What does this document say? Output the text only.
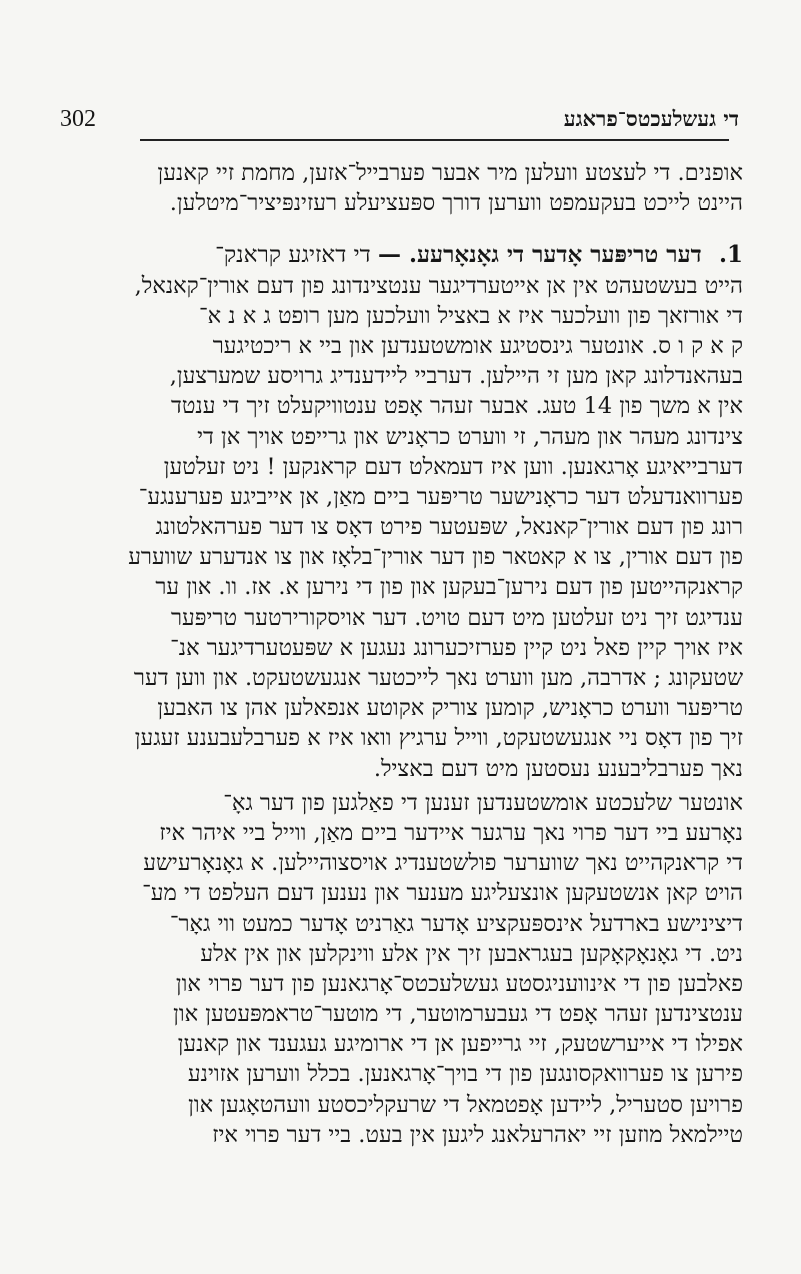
302	די געשלעכטס־פראגע
אופנים. די לעצטע וועלען מיר אבער פערבייל־אזען, מחמת זיי קאנען
היינט לייכט בעקעמפט ווערען דורך ספּעציעלע רעזינפּיציר־מיטלען.
1. דער טריפּער אָדער די גאָנאָרעע. — די דאזיגע קראנק־
הייט בעשטעהט אין אן אייטערדיגער ענטצינדונג פון דעם אורין־קאנאל,
די אורזאך פון וועלכער איז א באציל וועלכען מען רופט ג א נ א־
ק א ק ו ס. אונטער גינסטיגע אומשטענדען און ביי א ריכטיגער
בעהאנדלונג קאן מען זי היילען. דערביי ליידענדיג גרויסע שמערצען,
אין א משך פון 14 טעג. אבער זעהר אָפט ענטוויקעלט זיך די ענטד
צינדונג מעהר און מעהר, זי ווערט כראָניש און גרייפט אויך אן די
דערבייאיגע אָרגאנען. ווען איז דעמאלט דעם קראנקען ! ניט זעלטען
פערוואנדעלט דער כראָנישער טריפּער ביים מאַן, אן אייביגע פערענגע־
רונג פון דעם אורין־קאנאל, שפּעטער פירט דאָס צו דער פערהאלטונג
פון דעם אורין, צו א קאטאר פון דער אורין־בלאָז און צו אנדערע שווערע
קראנקהייטען פון דעם נירען־בעקען און פון די נירען א. אז. וו. און ער
ענדיגט זיך ניט זעלטען מיט דעם טויט. דער אויסקורירטער טריפּער
איז אויך קיין פאל ניט קיין פערזיכערונג נעגען א שפּעטערדיגער אנ־
שטעקונג ; אדרבה, מען ווערט נאך לייכטער אנגעשטעקט. און ווען דער
טריפּער ווערט כראָניש, קומען צוריק אקוטע אנפאלען אהן צו האבען
זיך פון דאָס ניי אנגעשטעקט, ווייל ערגיץ וואו איז א פערבלעבענע זעגען
נאך פערבליבענע נעסטען מיט דעם באציל.
אונטער שלעכטע אומשטענדען זענען די פאַלגען פון דער גאָ־
נאָרעע ביי דער פרוי נאך ערגער איידער ביים מאַן, ווייל ביי איהר איז
די קראנקהייט נאך שווערער פולשטענדיג אויסצוהיילען. א גאָנאָרעישע
הויט קאן אנשטעקען אונצעליגע מענער און נענען דעם העלפט די מע־
דיצינישע בארדעל אינספּעקציע אָדער גאַרניט אָדער כמעט ווי גאָר־
ניט. די גאָנאָקאָקען בעגראבען זיך אין אלע ווינקלען און אין אלע
פאלבען פון די אינוועניגסטע געשלעכטס־אָרגאנען פון דער פרוי און
ענטצינדען זעהר אָפט די געבערמוטער, די מוטער־טראמפּעטען און
אפילו די אייערשטעק, זיי גרייפען אן די ארומיגע געגענד און קאנען
פירען צו פערוואקסונגען פון די בויך־אָרגאנען. בכלל ווערען אזוינע
פרויען סטעריל, ליידען אָפטמאל די שרעקליכסטע וועהטאָגען און
טיילמאל מוזען זיי יאהרעלאנג ליגען אין בעט. ביי דער פרוי איז
